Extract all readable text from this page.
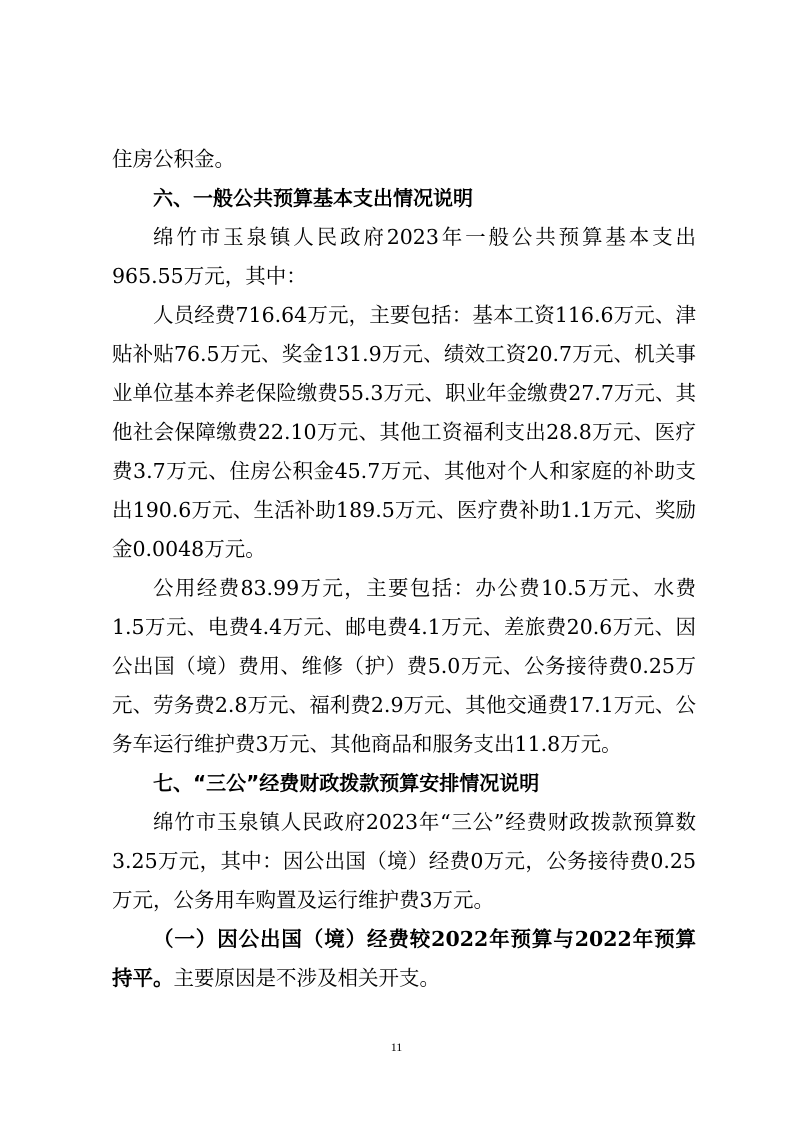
住房公积金。

六、一般公共预算基本支出情况说明

绵竹市玉泉镇人民政府2023年一般公共预算基本支出965.55万元，其中：

人员经费716.64万元，主要包括：基本工资116.6万元、津贴补贴76.5万元、奖金131.9万元、绩效工资20.7万元、机关事业单位基本养老保险缴费55.3万元、职业年金缴费27.7万元、其他社会保障缴费22.10万元、其他工资福利支出28.8万元、医疗费3.7万元、住房公积金45.7万元、其他对个人和家庭的补助支出190.6万元、生活补助189.5万元、医疗费补助1.1万元、奖励金0.0048万元。

公用经费83.99万元，主要包括：办公费10.5万元、水费1.5万元、电费4.4万元、邮电费4.1万元、差旅费20.6万元、因公出国（境）费用、维修（护）费5.0万元、公务接待费0.25万元、劳务费2.8万元、福利费2.9万元、其他交通费17.1万元、公务车运行维护费3万元、其他商品和服务支出11.8万元。

七、“三公”经费财政拨款预算安排情况说明

绵竹市玉泉镇人民政府2023年“三公”经费财政拨款预算数3.25万元，其中：因公出国（境）经费0万元，公务接待费0.25万元，公务用车购置及运行维护费3万元。

（一）因公出国（境）经费较2022年预算与2022年预算持平。主要原因是不涉及相关开支。

11
